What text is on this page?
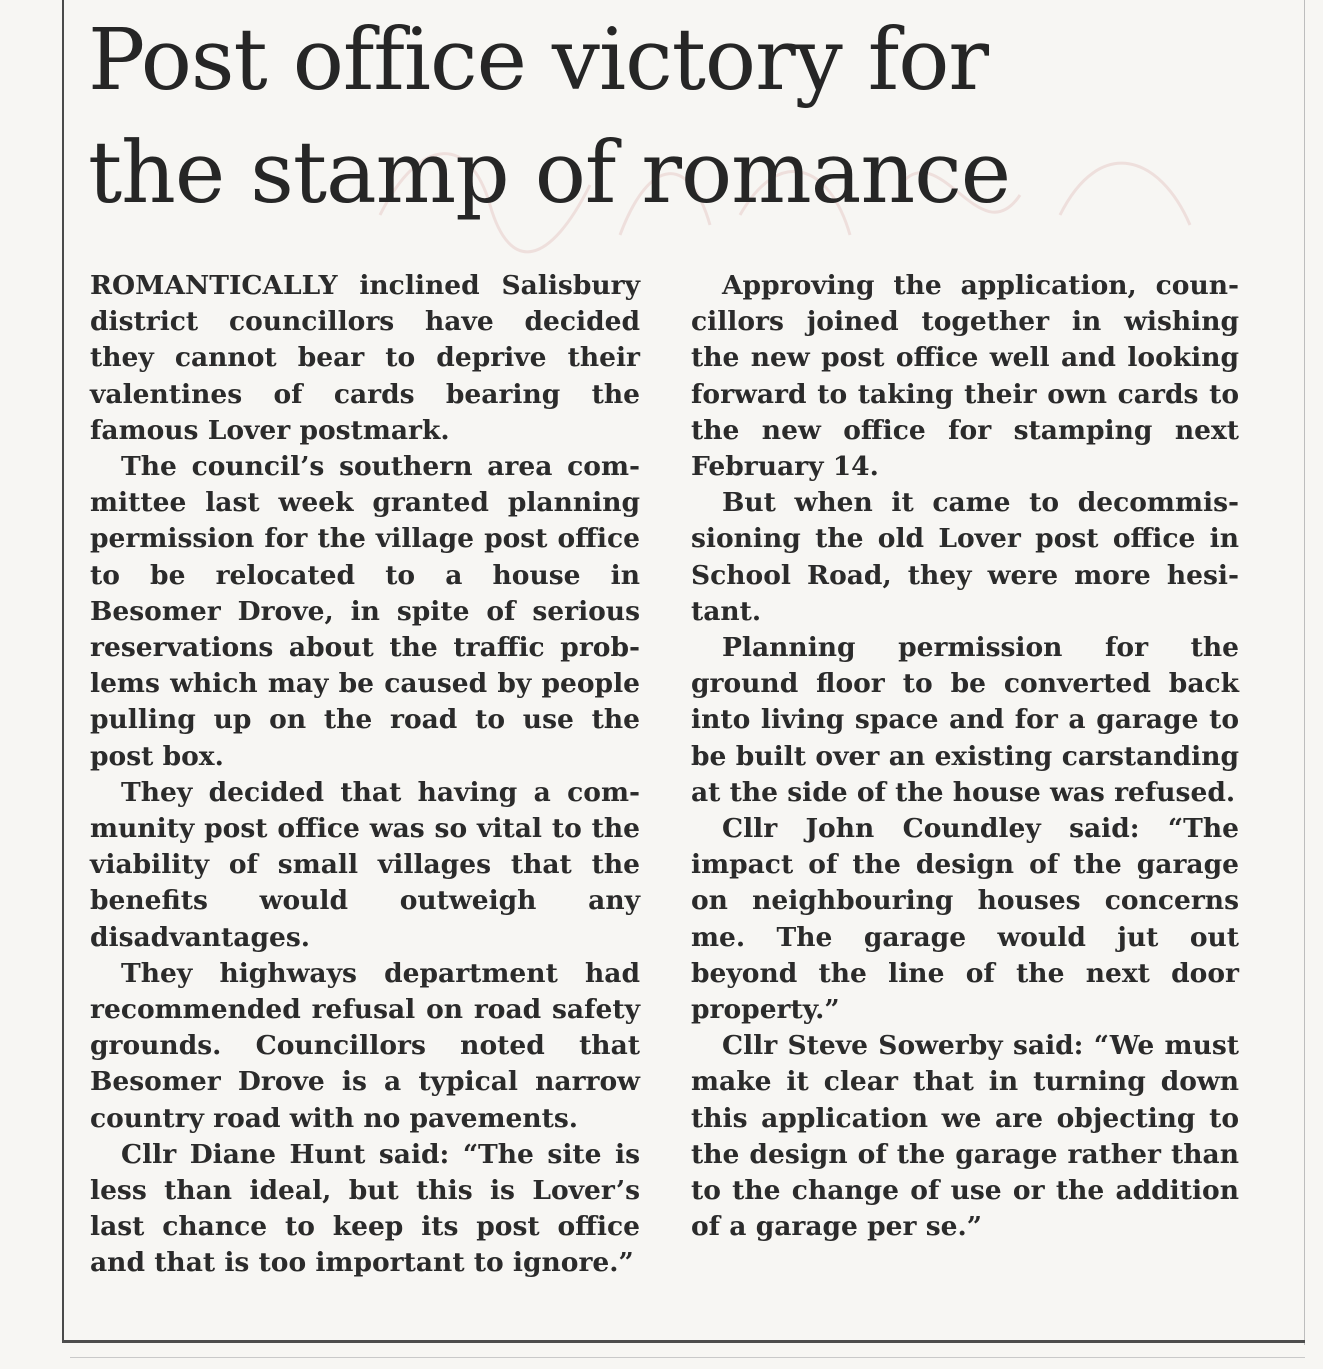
Post office victory for
the stamp of romance

ROMANTICALLY inclined Salisbury district councillors have decided they cannot bear to deprive their valentines of cards bearing the famous Lover postmark.

The council’s southern area committee last week granted planning permission for the village post office to be relocated to a house in Besomer Drove, in spite of serious reservations about the traffic problems which may be caused by people pulling up on the road to use the post box.

They decided that having a community post office was so vital to the viability of small villages that the benefits would outweigh any disadvantages.

They highways department had recommended refusal on road safety grounds. Councillors noted that Besomer Drove is a typical narrow country road with no pavements.

Cllr Diane Hunt said: “The site is less than ideal, but this is Lover’s last chance to keep its post office and that is too important to ignore.”

Approving the application, councillors joined together in wishing the new post office well and looking forward to taking their own cards to the new office for stamping next February 14.

But when it came to decommissioning the old Lover post office in School Road, they were more hesitant.

Planning permission for the ground floor to be converted back into living space and for a garage to be built over an existing carstanding at the side of the house was refused.

Cllr John Coundley said: “The impact of the design of the garage on neighbouring houses concerns me. The garage would jut out beyond the line of the next door property.”

Cllr Steve Sowerby said: “We must make it clear that in turning down this application we are objecting to the design of the garage rather than to the change of use or the addition of a garage per se.”
